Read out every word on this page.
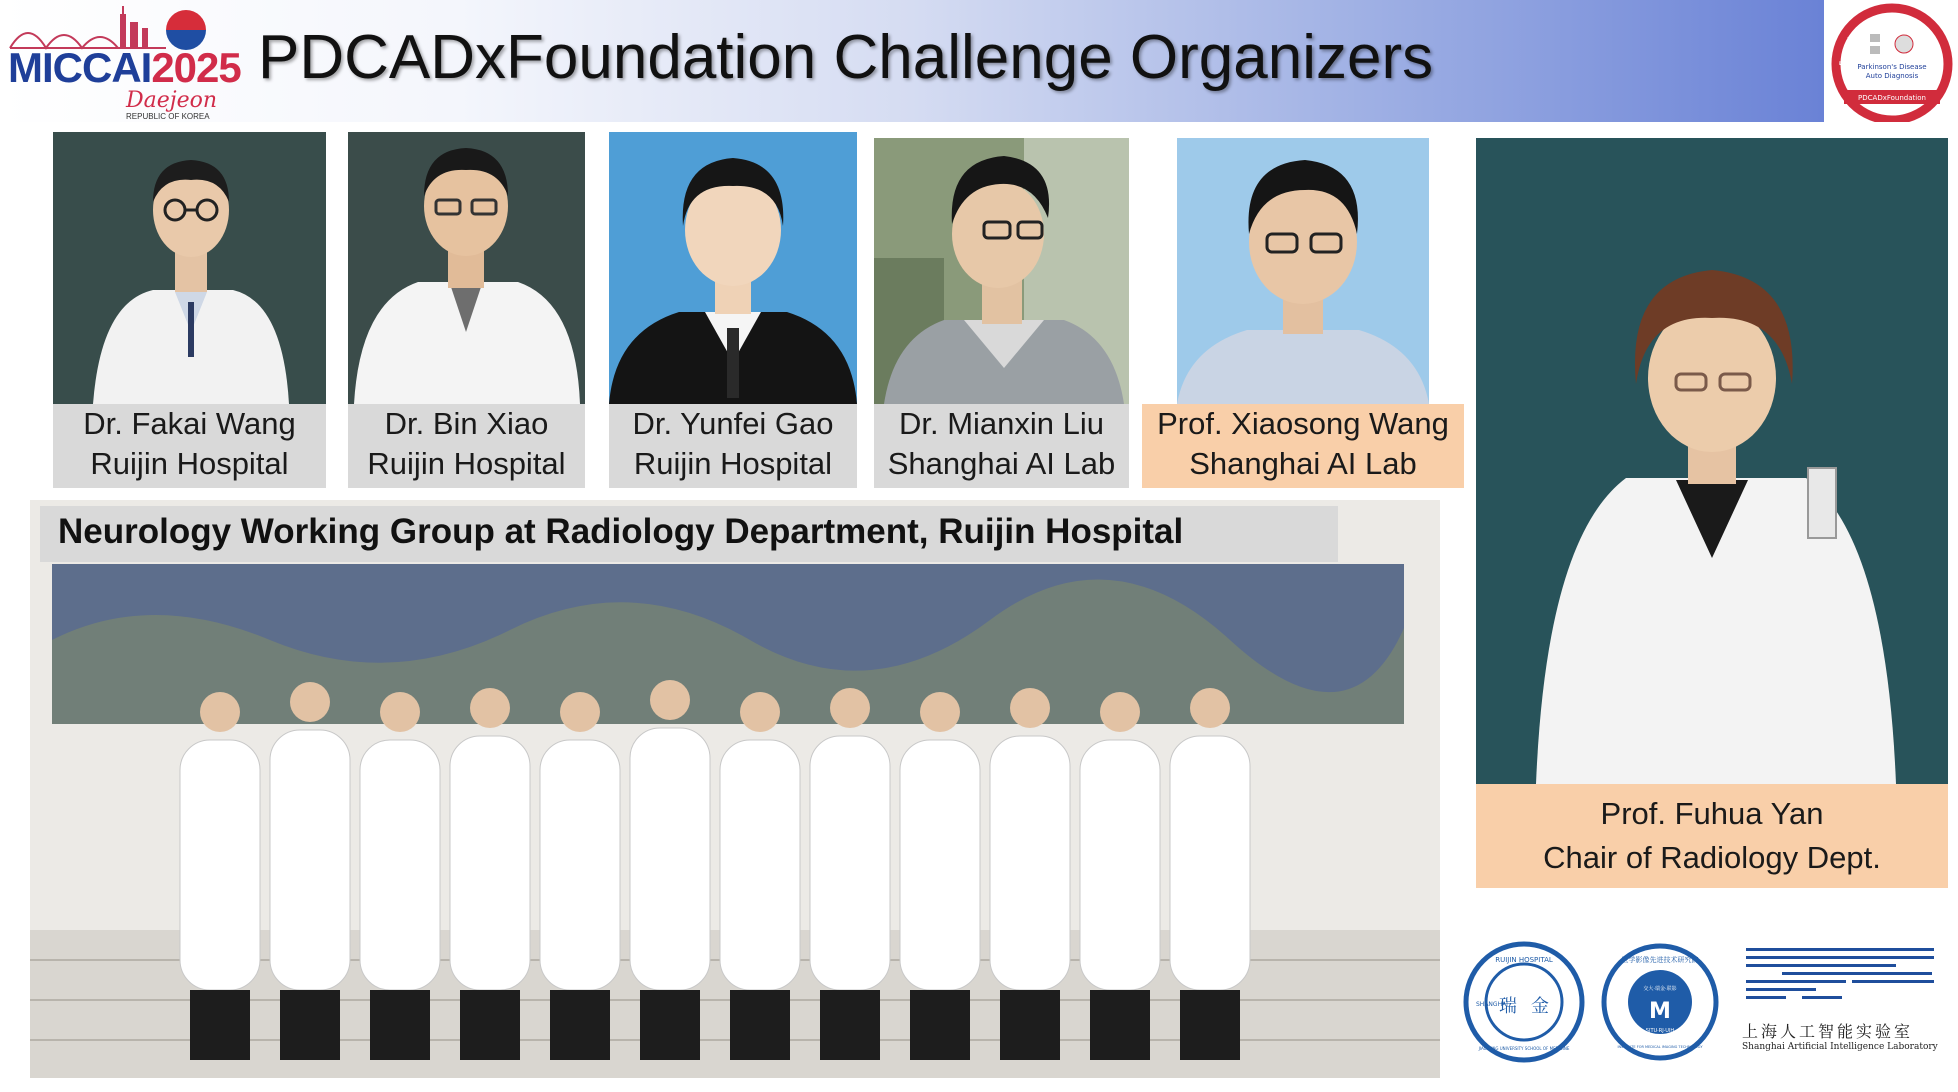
MICCAI2025
Daejeon
REPUBLIC OF KOREA
PDCADxFoundation Challenge Organizers	Foundation Model Driven
Parkinson's Disease
Auto Diagnosis
PDCADxFoundation
Dr. Fakai Wang
Ruijin Hospital
Dr. Bin Xiao
Ruijin Hospital
Dr. Yunfei Gao
Ruijin Hospital
Dr. Mianxin Liu
Shanghai AI Lab
Prof. Xiaosong Wang
Shanghai AI Lab
Prof. Fuhua Yan
Chair of Radiology Dept.
Neurology Working Group at Radiology Department, Ruijin Hospital
RUIJIN HOSPITAL
SHANGHAI
JIAOTONG UNIVERSITY SCHOOL OF MEDICINE
瑞 金
医学影像先进技术研究院
交大·瑞金·联影
M
SJTU·RJ·UIH
INSTITUTE FOR MEDICAL IMAGING TECHNOLOGY
上海人工智能实验室
Shanghai Artificial Intelligence Laboratory
